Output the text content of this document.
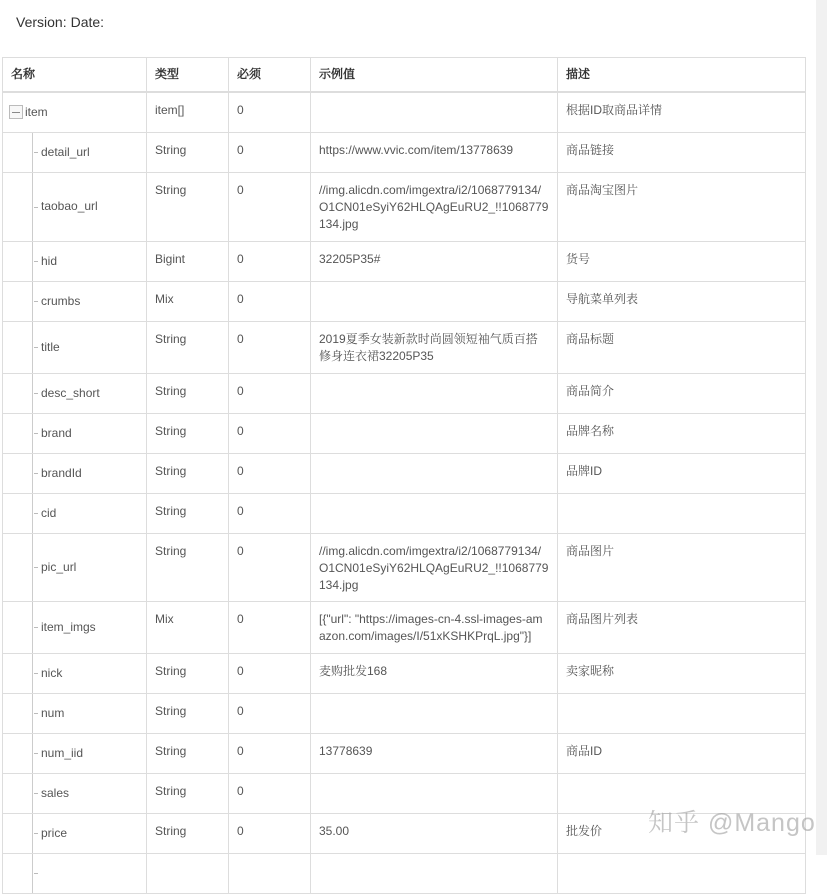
Version: Date:
名称	类型	必须	示例值	描述

item	item[]	0		根据ID取商品详情

detail_url	String	0	https://www.vvic.com/item/13778639	商品链接

taobao_url	String	0	//img.alicdn.com/imgextra/i2/1068779134/O1CN01eSyiY62HLQAgEuRU2_!!1068779134.jpg	商品淘宝图片

hid	Bigint	0	32205P35#	货号

crumbs	Mix	0		导航菜单列表

title	String	0	2019夏季女装新款时尚圆领短袖气质百搭修身连衣裙32205P35	商品标题

desc_short	String	0		商品简介

brand	String	0		品牌名称

brandId	String	0		品牌ID

cid	String	0		

pic_url	String	0	//img.alicdn.com/imgextra/i2/1068779134/O1CN01eSyiY62HLQAgEuRU2_!!1068779134.jpg	商品图片

item_imgs	Mix	0	[{"url": "https://images-cn-4.ssl-images-amazon.com/images/I/51xKSHKPrqL.jpg"}]	商品图片列表

nick	String	0	麦购批发168	卖家昵称

num	String	0		

num_iid	String	0	13778639	商品ID

sales	String	0		

price	String	0	35.00	批发价

				知乎 @Mango
